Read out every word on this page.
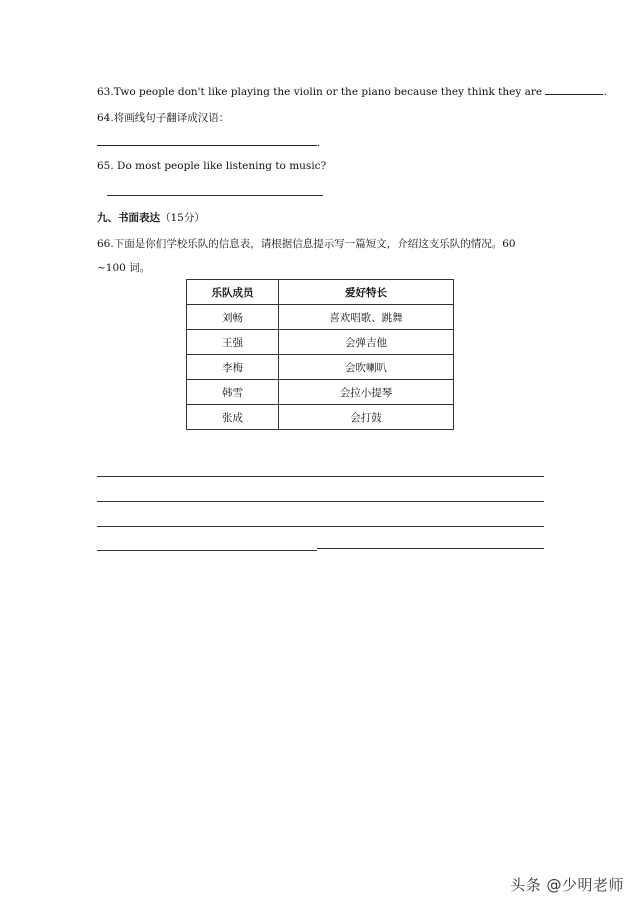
63.Two people don't like playing the violin or the piano because they think they are	.
64.将画线句子翻译成汉语：
.
65. Do most people like listening to music?
九、书面表达（15分）
66.下面是你们学校乐队的信息表，请根据信息提示写一篇短文，介绍这支乐队的情况。60
~100 词。
乐队成员	爱好特长
刘畅	喜欢唱歌、跳舞
王强	会弹吉他
李梅	会吹喇叭
韩雪	会拉小提琴
张成	会打鼓
头条 @少明老师
